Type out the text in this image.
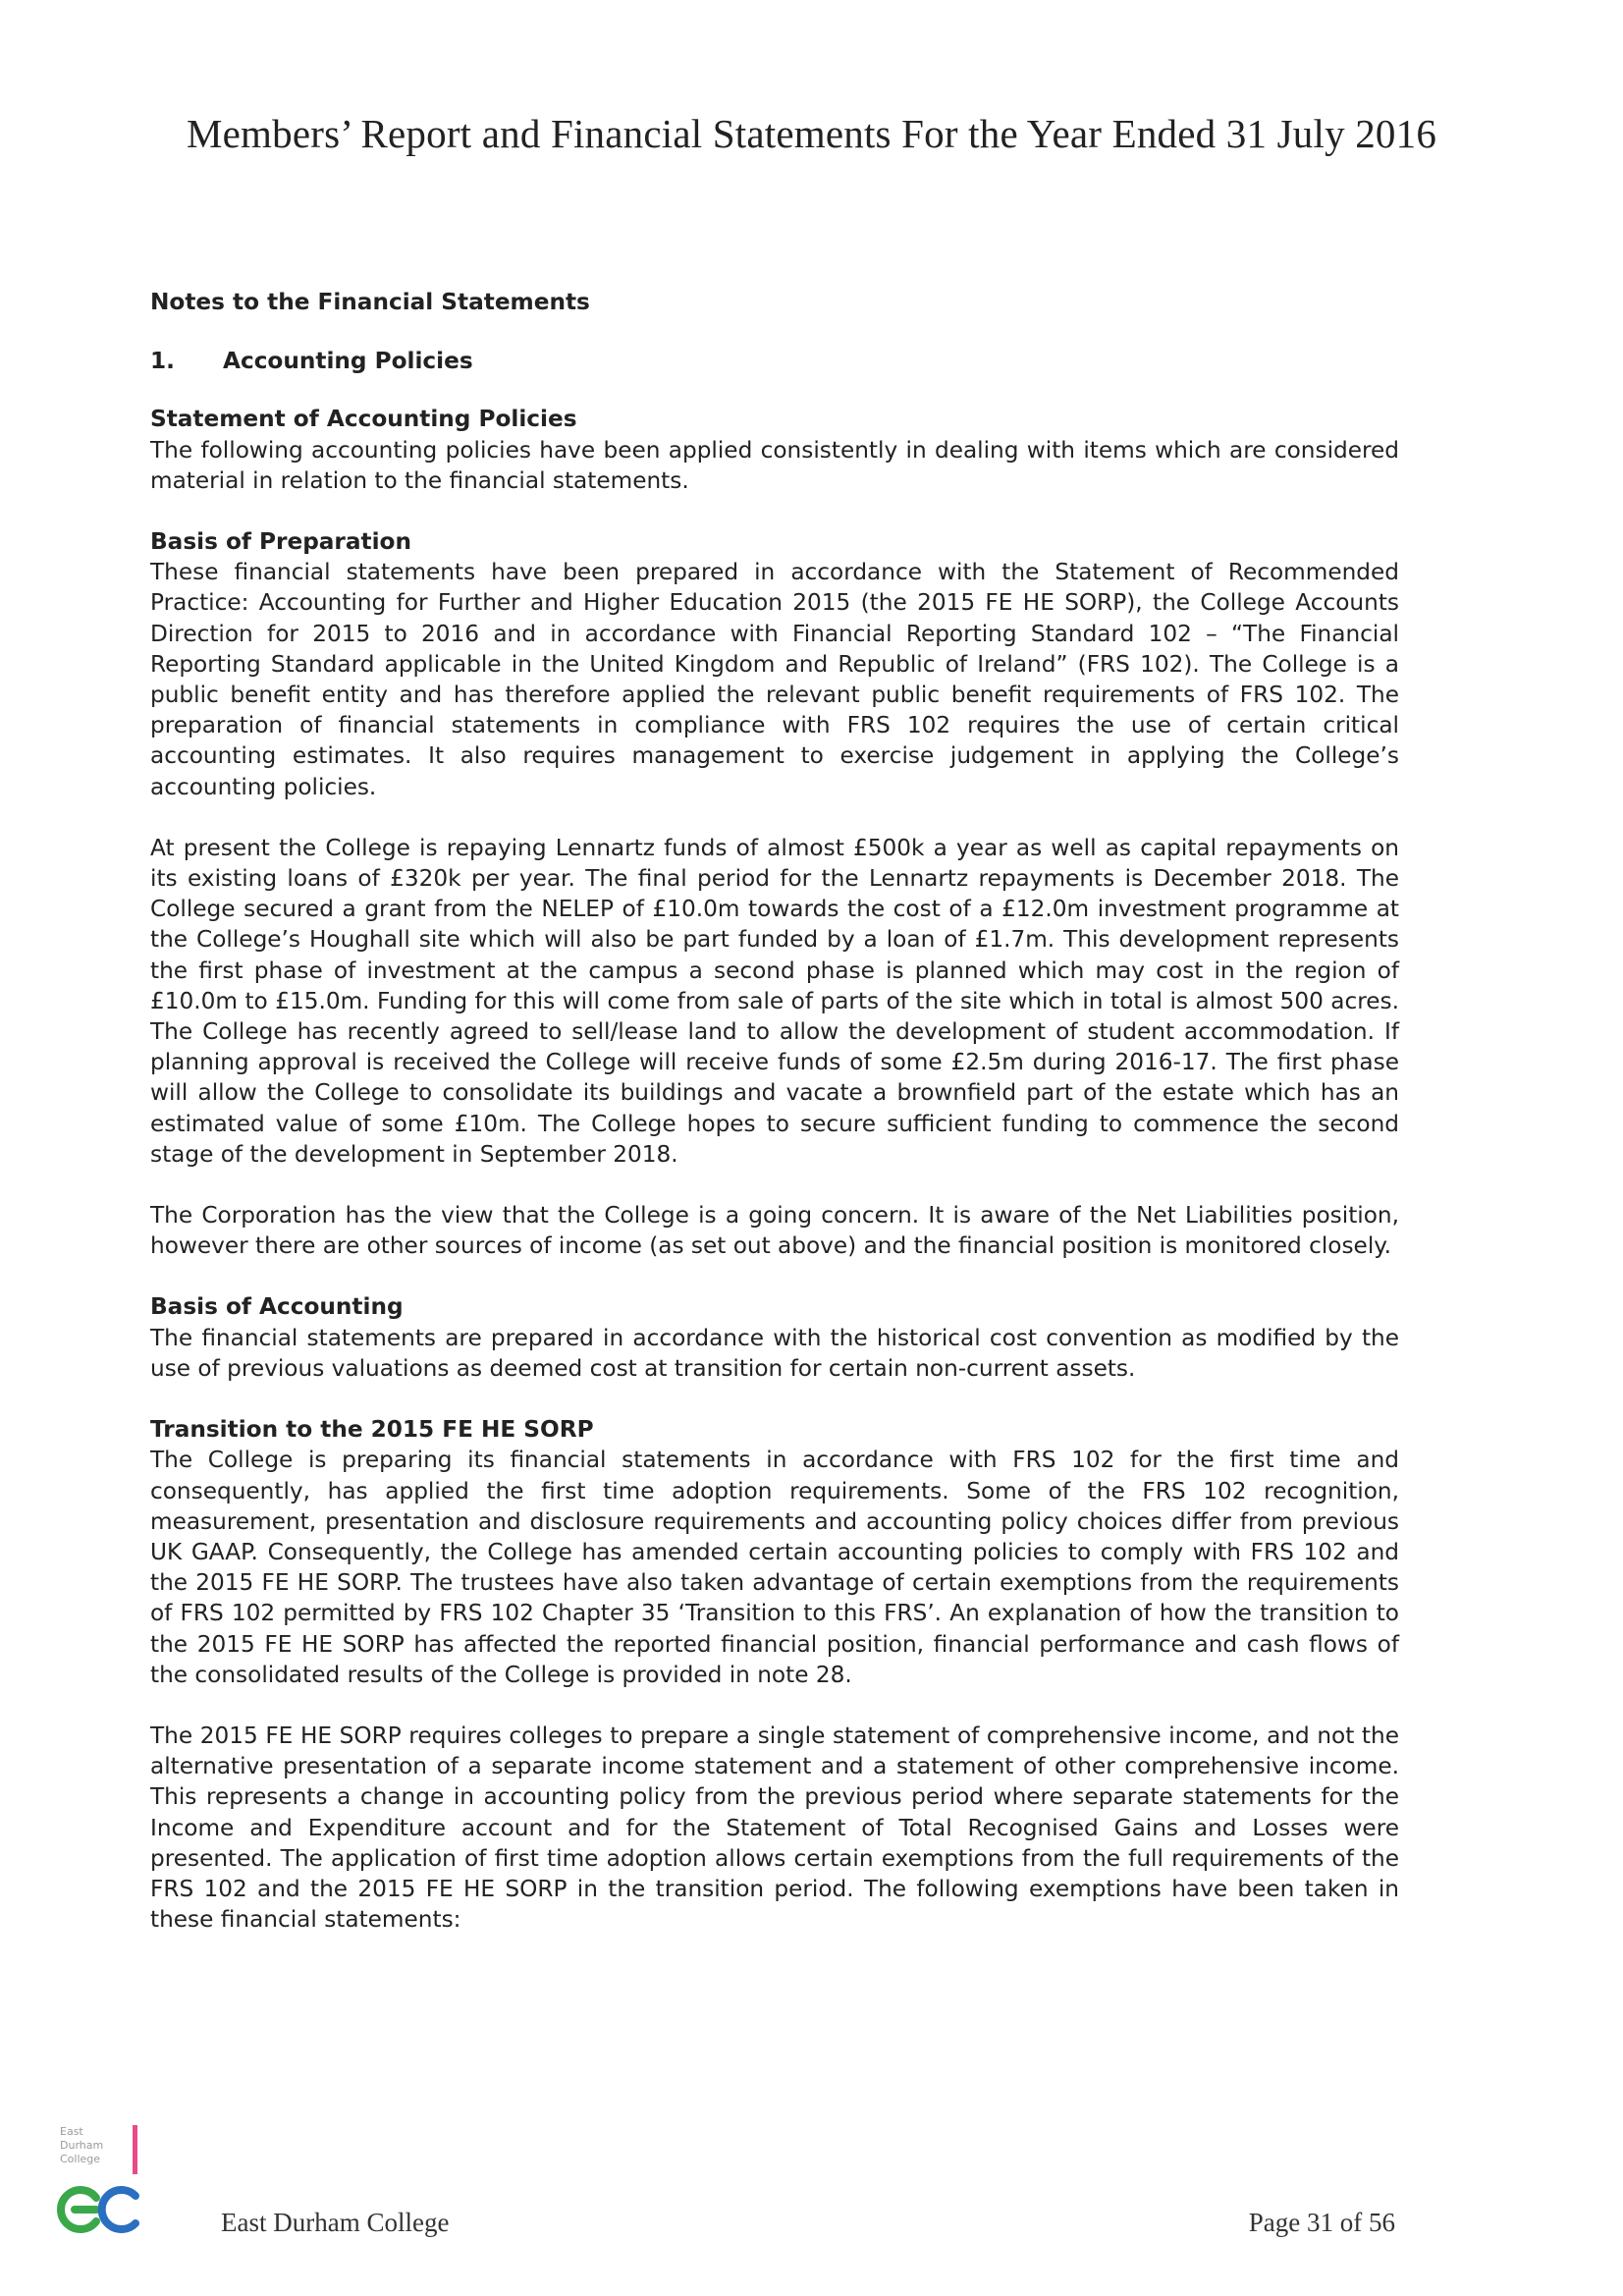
Members’ Report and Financial Statements For the Year Ended 31 July 2016
Notes to the Financial Statements
1. Accounting Policies
Statement of Accounting Policies

The following accounting policies have been applied consistently in dealing with items which are considered material in relation to the financial statements.

Basis of Preparation

These financial statements have been prepared in accordance with the Statement of Recommended Practice: Accounting for Further and Higher Education 2015 (the 2015 FE HE SORP), the College Accounts Direction for 2015 to 2016 and in accordance with Financial Reporting Standard 102 – “The Financial Reporting Standard applicable in the United Kingdom and Republic of Ireland” (FRS 102). The College is a public benefit entity and has therefore applied the relevant public benefit requirements of FRS 102. The preparation of financial statements in compliance with FRS 102 requires the use of certain critical accounting estimates. It also requires management to exercise judgement in applying the College’s accounting policies.

At present the College is repaying Lennartz funds of almost £500k a year as well as capital repayments on its existing loans of £320k per year. The final period for the Lennartz repayments is December 2018. The College secured a grant from the NELEP of £10.0m towards the cost of a £12.0m investment programme at the College’s Houghall site which will also be part funded by a loan of £1.7m. This development represents the first phase of investment at the campus a second phase is planned which may cost in the region of £10.0m to £15.0m. Funding for this will come from sale of parts of the site which in total is almost 500 acres. The College has recently agreed to sell/lease land to allow the development of student accommodation. If planning approval is received the College will receive funds of some £2.5m during 2016-17. The first phase will allow the College to consolidate its buildings and vacate a brownfield part of the estate which has an estimated value of some £10m. The College hopes to secure sufficient funding to commence the second stage of the development in September 2018.

The Corporation has the view that the College is a going concern. It is aware of the Net Liabilities position, however there are other sources of income (as set out above) and the financial position is monitored closely.

Basis of Accounting

The financial statements are prepared in accordance with the historical cost convention as modified by the use of previous valuations as deemed cost at transition for certain non-current assets.

Transition to the 2015 FE HE SORP

The College is preparing its financial statements in accordance with FRS 102 for the first time and consequently, has applied the first time adoption requirements. Some of the FRS 102 recognition, measurement, presentation and disclosure requirements and accounting policy choices differ from previous UK GAAP. Consequently, the College has amended certain accounting policies to comply with FRS 102 and the 2015 FE HE SORP. The trustees have also taken advantage of certain exemptions from the requirements of FRS 102 permitted by FRS 102 Chapter 35 ‘Transition to this FRS’. An explanation of how the transition to the 2015 FE HE SORP has affected the reported financial position, financial performance and cash flows of the consolidated results of the College is provided in note 28.

The 2015 FE HE SORP requires colleges to prepare a single statement of comprehensive income, and not the alternative presentation of a separate income statement and a statement of other comprehensive income. This represents a change in accounting policy from the previous period where separate statements for the Income and Expenditure account and for the Statement of Total Recognised Gains and Losses were presented. The application of first time adoption allows certain exemptions from the full requirements of the FRS 102 and the 2015 FE HE SORP in the transition period. The following exemptions have been taken in these financial statements:

East
Durham
College
East Durham College	Page 31 of 56
